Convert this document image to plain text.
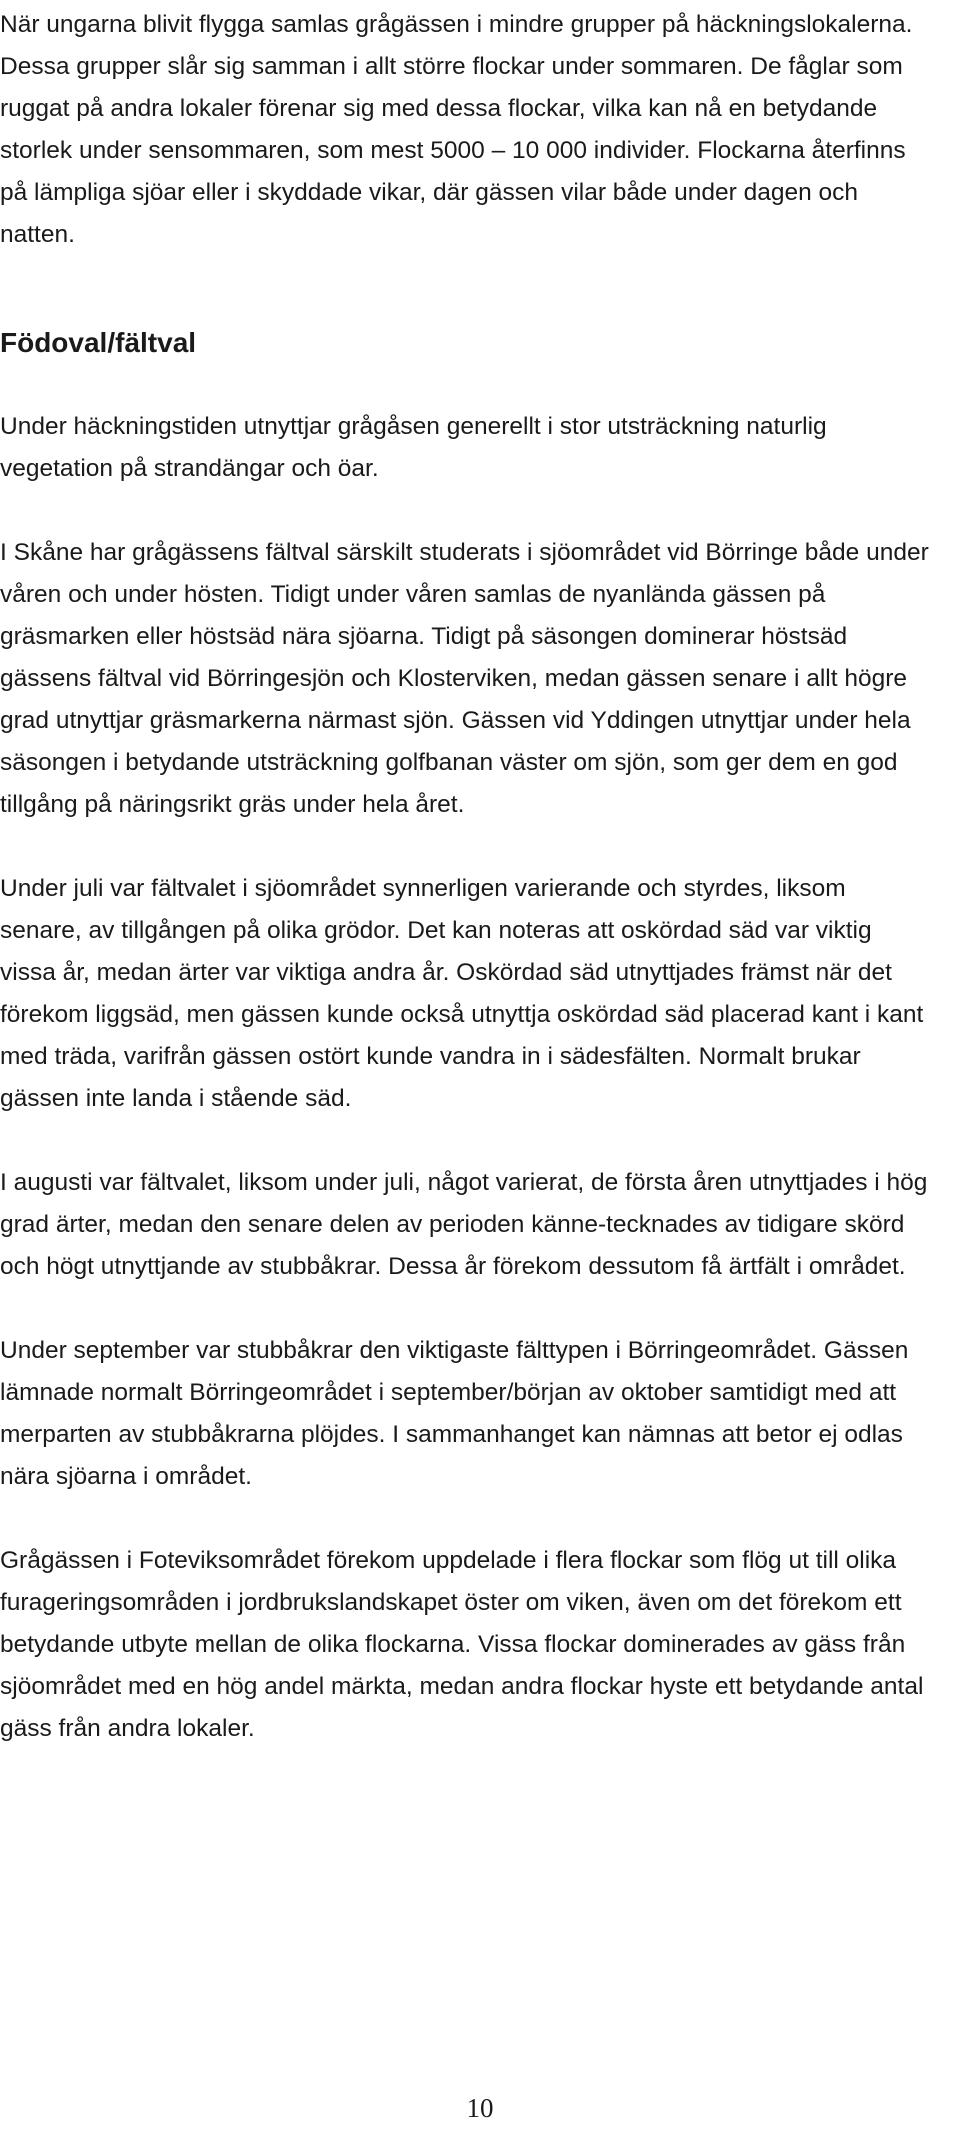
När ungarna blivit flygga samlas grågässen i mindre grupper på häckningslokalerna. Dessa grupper slår sig samman i allt större flockar under sommaren. De fåglar som ruggat på andra lokaler förenar sig med dessa flockar, vilka kan nå en betydande storlek under sensommaren, som mest 5000 – 10 000 individer. Flockarna återfinns på lämpliga sjöar eller i skyddade vikar, där gässen vilar både under dagen och natten.

Födoval/fältval

Under häckningstiden utnyttjar grågåsen generellt i stor utsträckning naturlig vegetation på strandängar och öar.

I Skåne har grågässens fältval särskilt studerats i sjöområdet vid Börringe både under våren och under hösten. Tidigt under våren samlas de nyanlända gässen på gräsmarken eller höstsäd nära sjöarna. Tidigt på säsongen dominerar höstsäd gässens fältval vid Börringesjön och Klosterviken, medan gässen senare i allt högre grad utnyttjar gräsmarkerna närmast sjön. Gässen vid Yddingen utnyttjar under hela säsongen i betydande utsträckning golfbanan väster om sjön, som ger dem en god tillgång på näringsrikt gräs under hela året.

Under juli var fältvalet i sjöområdet synnerligen varierande och styrdes, liksom senare, av tillgången på olika grödor. Det kan noteras att oskördad säd var viktig vissa år, medan ärter var viktiga andra år. Oskördad säd utnyttjades främst när det förekom liggsäd, men gässen kunde också utnyttja oskördad säd placerad kant i kant med träda, varifrån gässen ostört kunde vandra in i sädesfälten. Normalt brukar gässen inte landa i stående säd.

I augusti var fältvalet, liksom under juli, något varierat, de första åren utnyttjades i hög grad ärter, medan den senare delen av perioden känne-tecknades av tidigare skörd och högt utnyttjande av stubbåkrar. Dessa år förekom dessutom få ärtfält i området.

Under september var stubbåkrar den viktigaste fälttypen i Börringeområdet. Gässen lämnade normalt Börringeområdet i september/början av oktober samtidigt med att merparten av stubbåkrarna plöjdes. I sammanhanget kan nämnas att betor ej odlas nära sjöarna i området.

Grågässen i Foteviksområdet förekom uppdelade i flera flockar som flög ut till olika furageringsområden i jordbrukslandskapet öster om viken, även om det förekom ett betydande utbyte mellan de olika flockarna. Vissa flockar dominerades av gäss från sjöområdet med en hög andel märkta, medan andra flockar hyste ett betydande antal gäss från andra lokaler.

10
